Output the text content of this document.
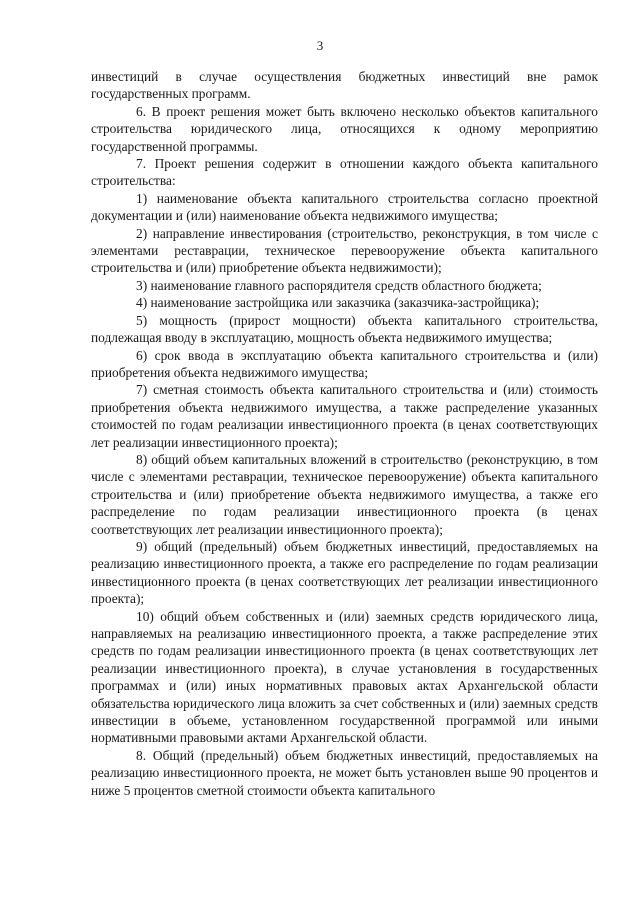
3

инвестиций в случае осуществления бюджетных инвестиций вне рамок государственных программ.

6. В проект решения может быть включено несколько объектов капитального строительства юридического лица, относящихся к одному мероприятию государственной программы.

7. Проект решения содержит в отношении каждого объекта капитального строительства:

1) наименование объекта капитального строительства согласно проектной документации и (или) наименование объекта недвижимого имущества;

2) направление инвестирования (строительство, реконструкция, в том числе с элементами реставрации, техническое перевооружение объекта капитального строительства и (или) приобретение объекта недвижимости);

3) наименование главного распорядителя средств областного бюджета;

4) наименование застройщика или заказчика (заказчика-застройщика);

5) мощность (прирост мощности) объекта капитального строительства, подлежащая вводу в эксплуатацию, мощность объекта недвижимого имущества;

6) срок ввода в эксплуатацию объекта капитального строительства и (или) приобретения объекта недвижимого имущества;

7) сметная стоимость объекта капитального строительства и (или) стоимость приобретения объекта недвижимого имущества, а также распределение указанных стоимостей по годам реализации инвестиционного проекта (в ценах соответствующих лет реализации инвестиционного проекта);

8) общий объем капитальных вложений в строительство (реконструкцию, в том числе с элементами реставрации, техническое перевооружение) объекта капитального строительства и (или) приобретение объекта недвижимого имущества, а также его распределение по годам реализации инвестиционного проекта (в ценах соответствующих лет реализации инвестиционного проекта);

9) общий (предельный) объем бюджетных инвестиций, предоставляемых на реализацию инвестиционного проекта, а также его распределение по годам реализации инвестиционного проекта (в ценах соответствующих лет реализации инвестиционного проекта);

10) общий объем собственных и (или) заемных средств юридического лица, направляемых на реализацию инвестиционного проекта, а также распределение этих средств по годам реализации инвестиционного проекта (в ценах соответствующих лет реализации инвестиционного проекта), в случае установления в государственных программах и (или) иных нормативных правовых актах Архангельской области обязательства юридического лица вложить за счет собственных и (или) заемных средств инвестиции в объеме, установленном государственной программой или иными нормативными правовыми актами Архангельской области.

8. Общий (предельный) объем бюджетных инвестиций, предоставляемых на реализацию инвестиционного проекта, не может быть установлен выше 90 процентов и ниже 5 процентов сметной стоимости объекта капитального
